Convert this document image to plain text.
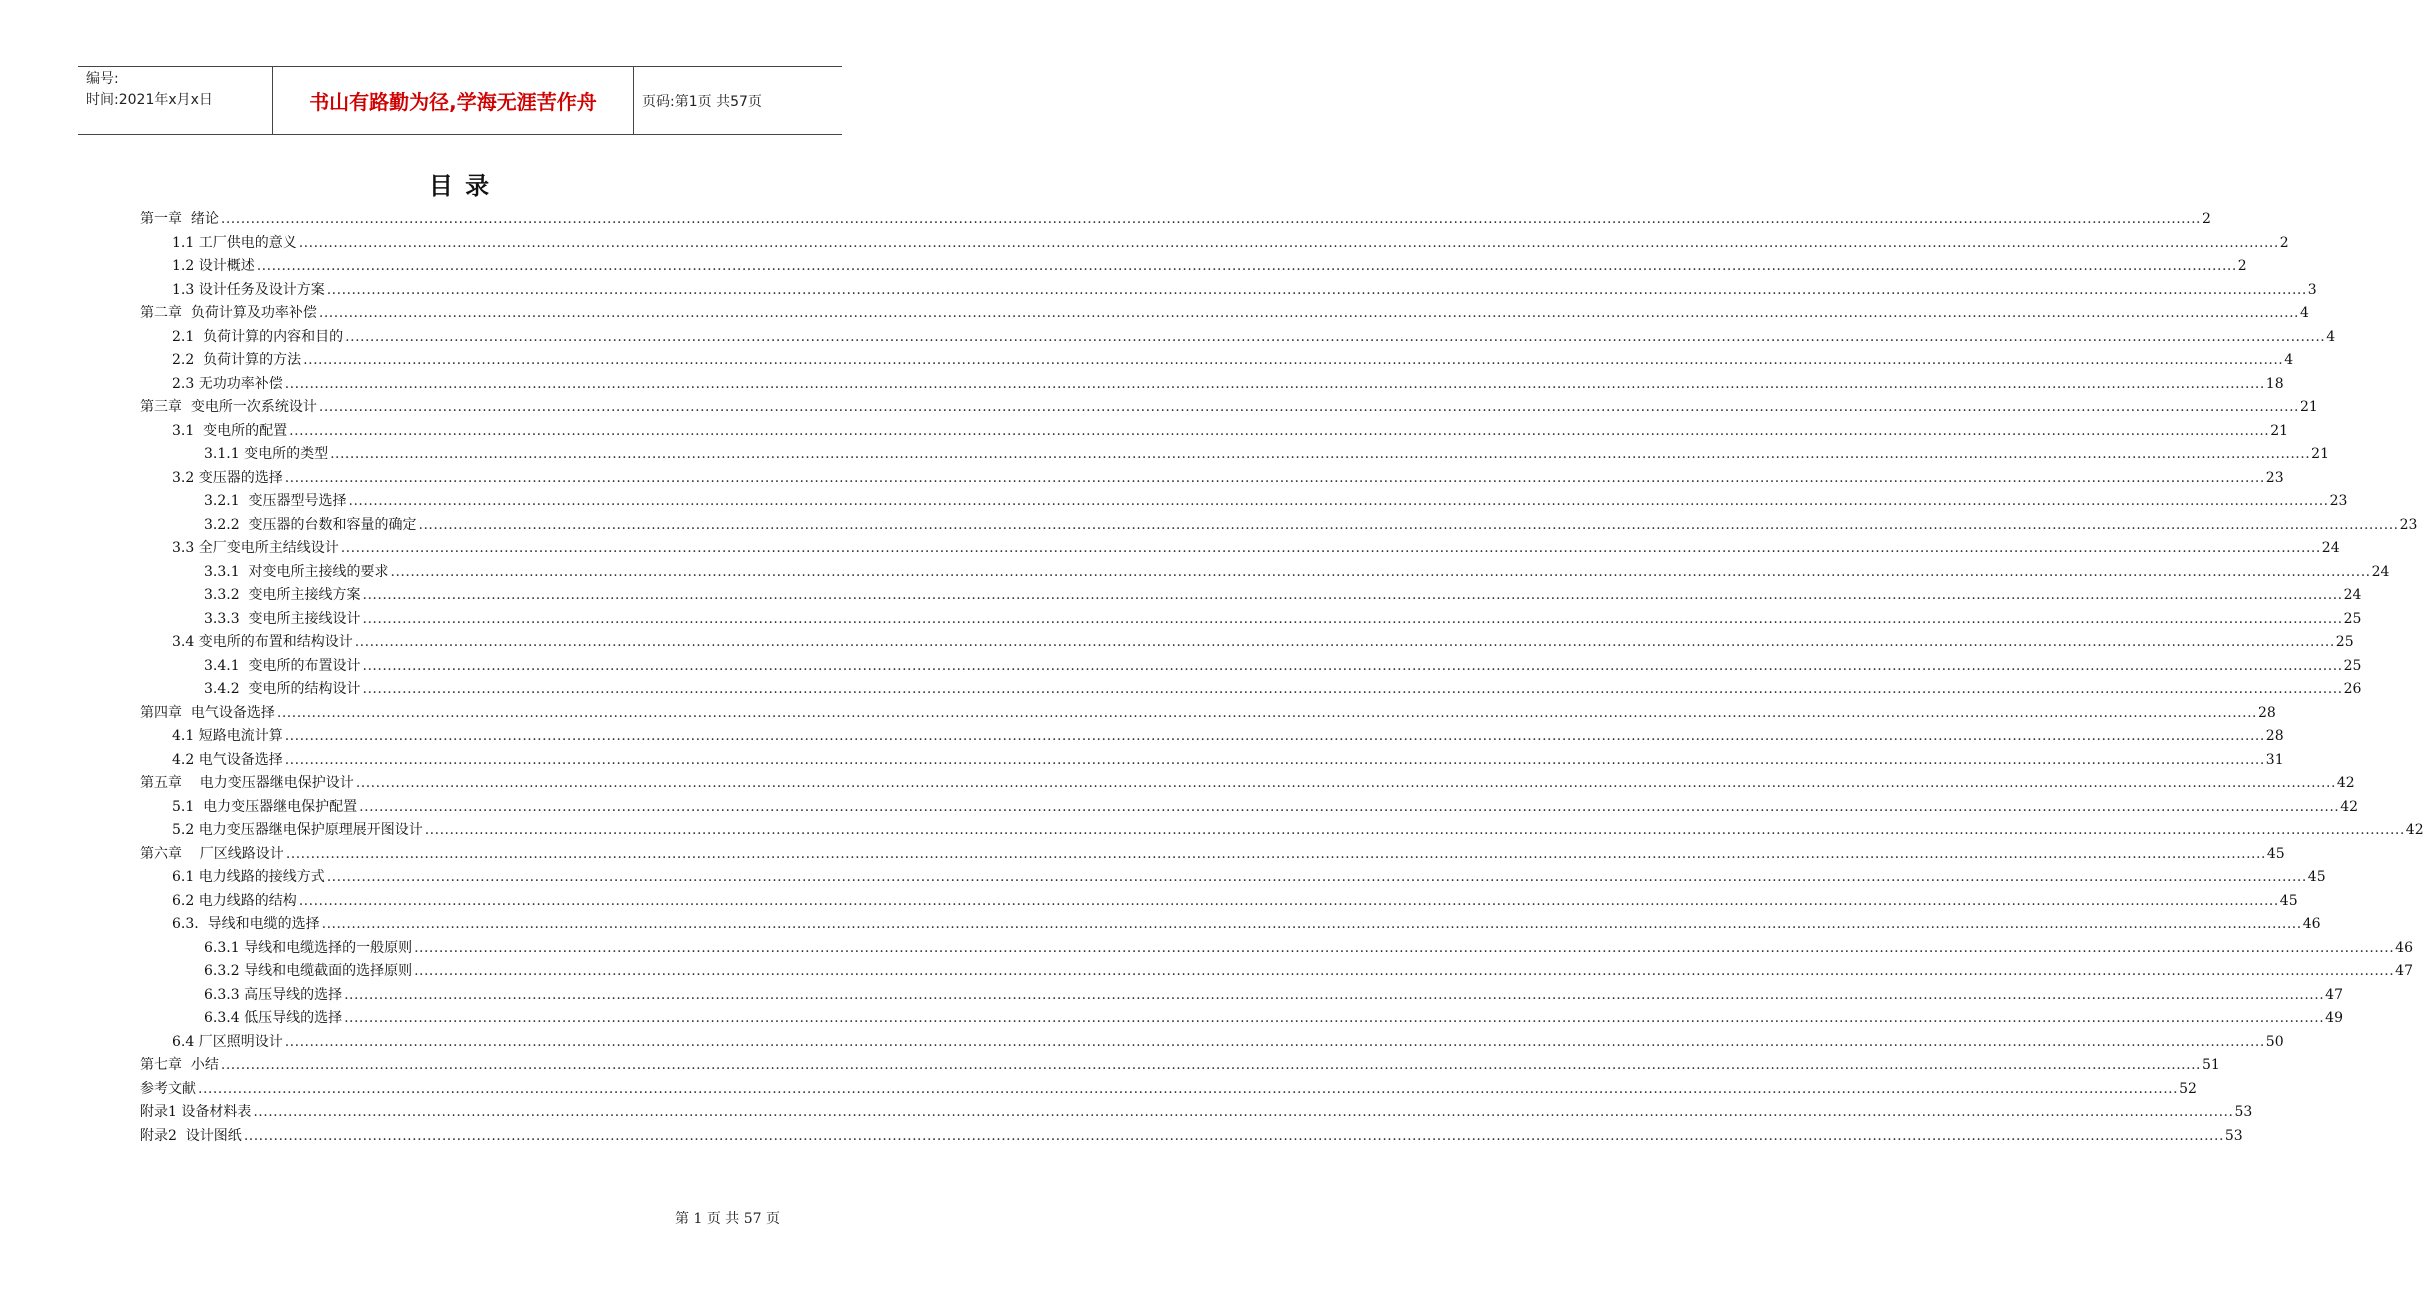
编号:
时间:2021年x月x日	书山有路勤为径,学海无涯苦作舟	页码:第1页 共57页
目 录
第一章  绪论 ................................................................................................................................................................................................................................................................................................................................................................................................................ 2
1.1 工厂供电的意义 ................................................................................................................................................................................................................................................................................................................................................................................................................ 2
1.2 设计概述 ................................................................................................................................................................................................................................................................................................................................................................................................................ 2
1.3 设计任务及设计方案 ................................................................................................................................................................................................................................................................................................................................................................................................................ 3
第二章  负荷计算及功率补偿 ................................................................................................................................................................................................................................................................................................................................................................................................................ 4
2.1  负荷计算的内容和目的 ................................................................................................................................................................................................................................................................................................................................................................................................................ 4
2.2  负荷计算的方法 ................................................................................................................................................................................................................................................................................................................................................................................................................ 4
2.3 无功功率补偿 ................................................................................................................................................................................................................................................................................................................................................................................................................ 18
第三章  变电所一次系统设计 ................................................................................................................................................................................................................................................................................................................................................................................................................ 21
3.1  变电所的配置 ................................................................................................................................................................................................................................................................................................................................................................................................................ 21
3.1.1 变电所的类型 ................................................................................................................................................................................................................................................................................................................................................................................................................ 21
3.2 变压器的选择 ................................................................................................................................................................................................................................................................................................................................................................................................................ 23
3.2.1  变压器型号选择 ................................................................................................................................................................................................................................................................................................................................................................................................................ 23
3.2.2  变压器的台数和容量的确定 ................................................................................................................................................................................................................................................................................................................................................................................................................ 23
3.3 全厂变电所主结线设计 ................................................................................................................................................................................................................................................................................................................................................................................................................ 24
3.3.1  对变电所主接线的要求 ................................................................................................................................................................................................................................................................................................................................................................................................................ 24
3.3.2  变电所主接线方案 ................................................................................................................................................................................................................................................................................................................................................................................................................ 24
3.3.3  变电所主接线设计 ................................................................................................................................................................................................................................................................................................................................................................................................................ 25
3.4 变电所的布置和结构设计 ................................................................................................................................................................................................................................................................................................................................................................................................................ 25
3.4.1  变电所的布置设计 ................................................................................................................................................................................................................................................................................................................................................................................................................ 25
3.4.2  变电所的结构设计 ................................................................................................................................................................................................................................................................................................................................................................................................................ 26
第四章  电气设备选择 ................................................................................................................................................................................................................................................................................................................................................................................................................ 28
4.1 短路电流计算 ................................................................................................................................................................................................................................................................................................................................................................................................................ 28
4.2 电气设备选择 ................................................................................................................................................................................................................................................................................................................................................................................................................ 31
第五章    电力变压器继电保护设计 ................................................................................................................................................................................................................................................................................................................................................................................................................ 42
5.1  电力变压器继电保护配置 ................................................................................................................................................................................................................................................................................................................................................................................................................ 42
5.2 电力变压器继电保护原理展开图设计 ................................................................................................................................................................................................................................................................................................................................................................................................................ 42
第六章    厂区线路设计 ................................................................................................................................................................................................................................................................................................................................................................................................................ 45
6.1 电力线路的接线方式 ................................................................................................................................................................................................................................................................................................................................................................................................................ 45
6.2 电力线路的结构 ................................................................................................................................................................................................................................................................................................................................................................................................................ 45
6.3.  导线和电缆的选择 ................................................................................................................................................................................................................................................................................................................................................................................................................ 46
6.3.1 导线和电缆选择的一般原则 ................................................................................................................................................................................................................................................................................................................................................................................................................ 46
6.3.2 导线和电缆截面的选择原则 ................................................................................................................................................................................................................................................................................................................................................................................................................ 47
6.3.3 高压导线的选择 ................................................................................................................................................................................................................................................................................................................................................................................................................ 47
6.3.4 低压导线的选择 ................................................................................................................................................................................................................................................................................................................................................................................................................ 49
6.4 厂区照明设计 ................................................................................................................................................................................................................................................................................................................................................................................................................ 50
第七章  小结 ................................................................................................................................................................................................................................................................................................................................................................................................................ 51
参考文献 ................................................................................................................................................................................................................................................................................................................................................................................................................ 52
附录1 设备材料表 ................................................................................................................................................................................................................................................................................................................................................................................................................ 53
附录2  设计图纸 ................................................................................................................................................................................................................................................................................................................................................................................................................ 53
第 1 页 共 57 页
